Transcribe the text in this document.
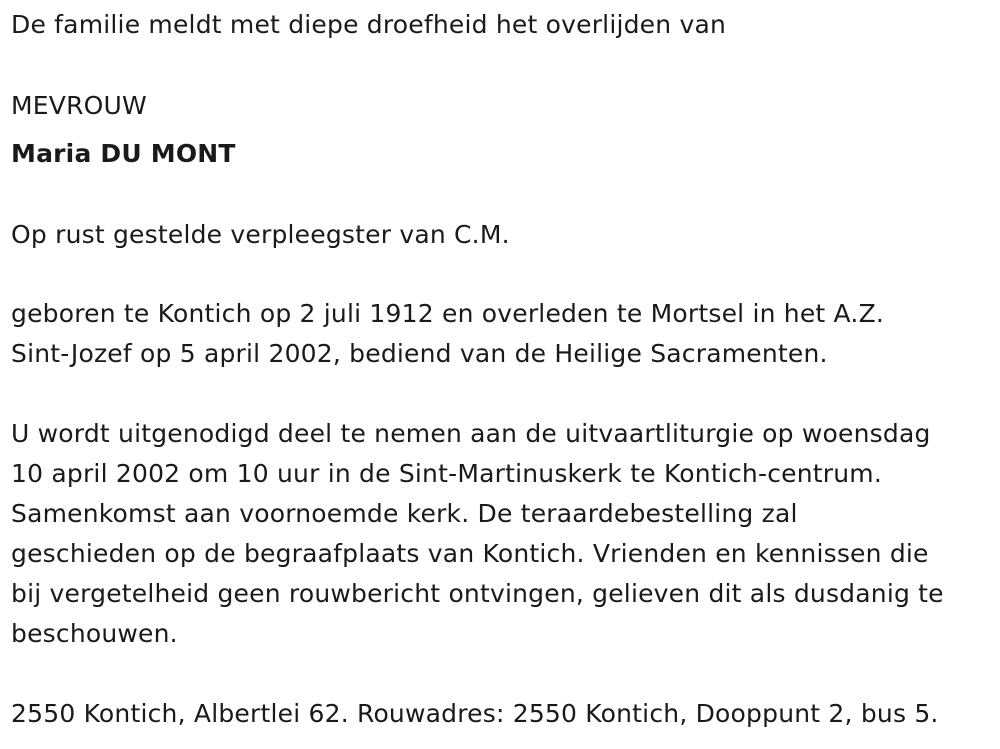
De familie meldt met diepe droefheid het overlijden van
MEVROUW
Maria DU MONT
Op rust gestelde verpleegster van C.M.
geboren te Kontich op 2 juli 1912 en overleden te Mortsel in het A.Z.
Sint-Jozef op 5 april 2002, bediend van de Heilige Sacramenten.
U wordt uitgenodigd deel te nemen aan de uitvaartliturgie op woensdag
10 april 2002 om 10 uur in de Sint-Martinuskerk te Kontich-centrum.
Samenkomst aan voornoemde kerk. De teraardebestelling zal
geschieden op de begraafplaats van Kontich. Vrienden en kennissen die
bij vergetelheid geen rouwbericht ontvingen, gelieven dit als dusdanig te
beschouwen.
2550 Kontich, Albertlei 62. Rouwadres: 2550 Kontich, Dooppunt 2, bus 5.
